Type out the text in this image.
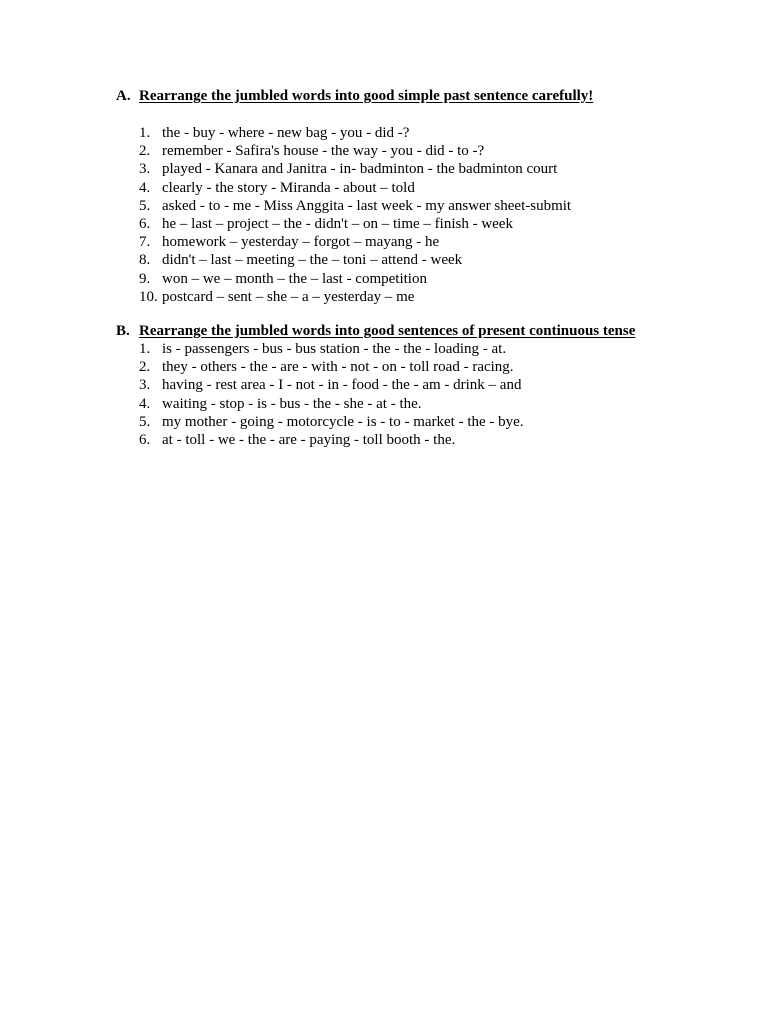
A. Rearrange the jumbled words into good simple past sentence carefully!
1. the - buy - where - new bag - you - did -?
2. remember - Safira's house - the way - you - did - to -?
3. played - Kanara and Janitra - in- badminton - the badminton court
4. clearly - the story - Miranda - about – told
5. asked - to - me - Miss Anggita - last week - my answer sheet-submit
6. he – last – project – the - didn't – on – time – finish - week
7. homework – yesterday – forgot – mayang - he
8. didn't – last – meeting – the – toni – attend - week
9. won – we – month – the – last - competition
10. postcard – sent – she – a – yesterday – me
B. Rearrange the jumbled words into good sentences of present continuous tense
1. is - passengers - bus - bus station - the - the - loading - at.
2. they - others - the - are - with - not - on - toll road - racing.
3. having - rest area - I - not - in - food - the - am - drink – and
4. waiting - stop - is - bus - the - she - at - the.
5. my mother - going - motorcycle - is - to - market - the - bye.
6. at - toll - we - the - are - paying - toll booth - the.
